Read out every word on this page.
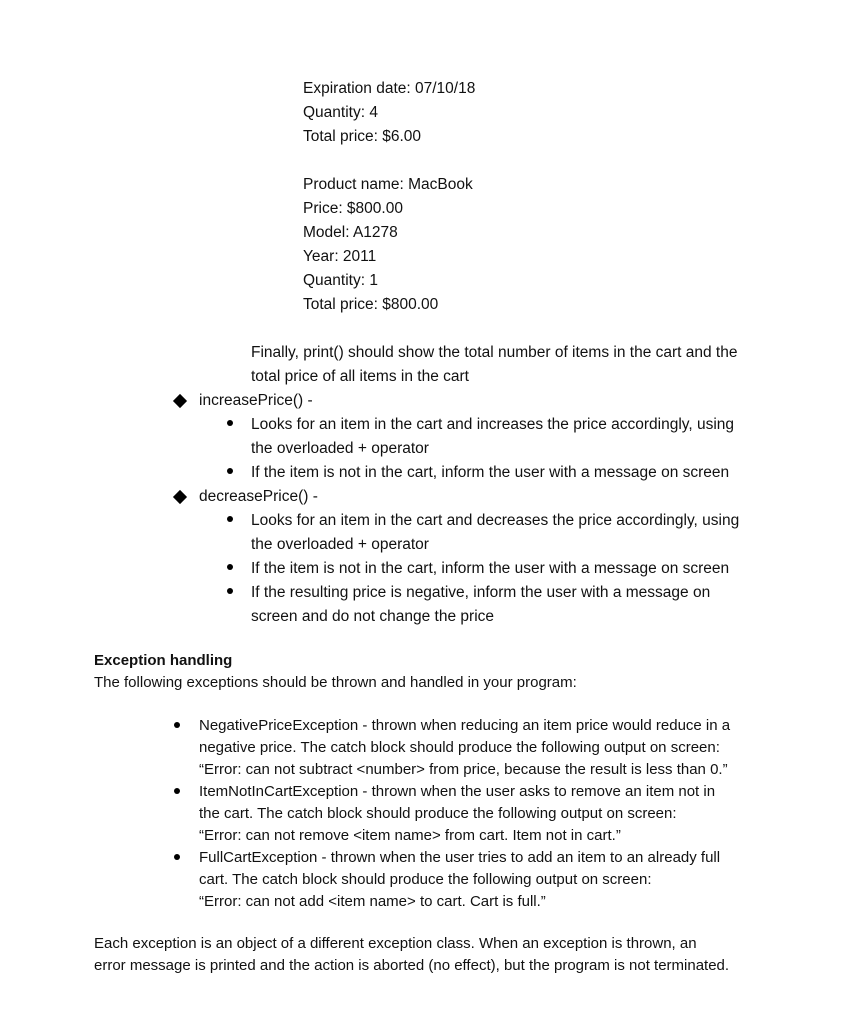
Expiration date: 07/10/18
Quantity: 4
Total price: $6.00
Product name: MacBook
Price: $800.00
Model: A1278
Year: 2011
Quantity: 1
Total price: $800.00
Finally, print() should show the total number of items in the cart and the
total price of all items in the cart
increasePrice() -
Looks for an item in the cart and increases the price accordingly, using
the overloaded + operator
If the item is not in the cart, inform the user with a message on screen
decreasePrice() -
Looks for an item in the cart and decreases the price accordingly, using
the overloaded + operator
If the item is not in the cart, inform the user with a message on screen
If the resulting price is negative, inform the user with a message on
screen and do not change the price
Exception handling
The following exceptions should be thrown and handled in your program:
NegativePriceException - thrown when reducing an item price would reduce in a
negative price. The catch block should produce the following output on screen:
“Error: can not subtract <number> from price, because the result is less than 0.”
ItemNotInCartException - thrown when the user asks to remove an item not in
the cart. The catch block should produce the following output on screen:
“Error: can not remove <item name> from cart. Item not in cart.”
FullCartException - thrown when the user tries to add an item to an already full
cart. The catch block should produce the following output on screen:
“Error: can not add <item name> to cart. Cart is full.”
Each exception is an object of a different exception class. When an exception is thrown, an
error message is printed and the action is aborted (no effect), but the program is not terminated.
